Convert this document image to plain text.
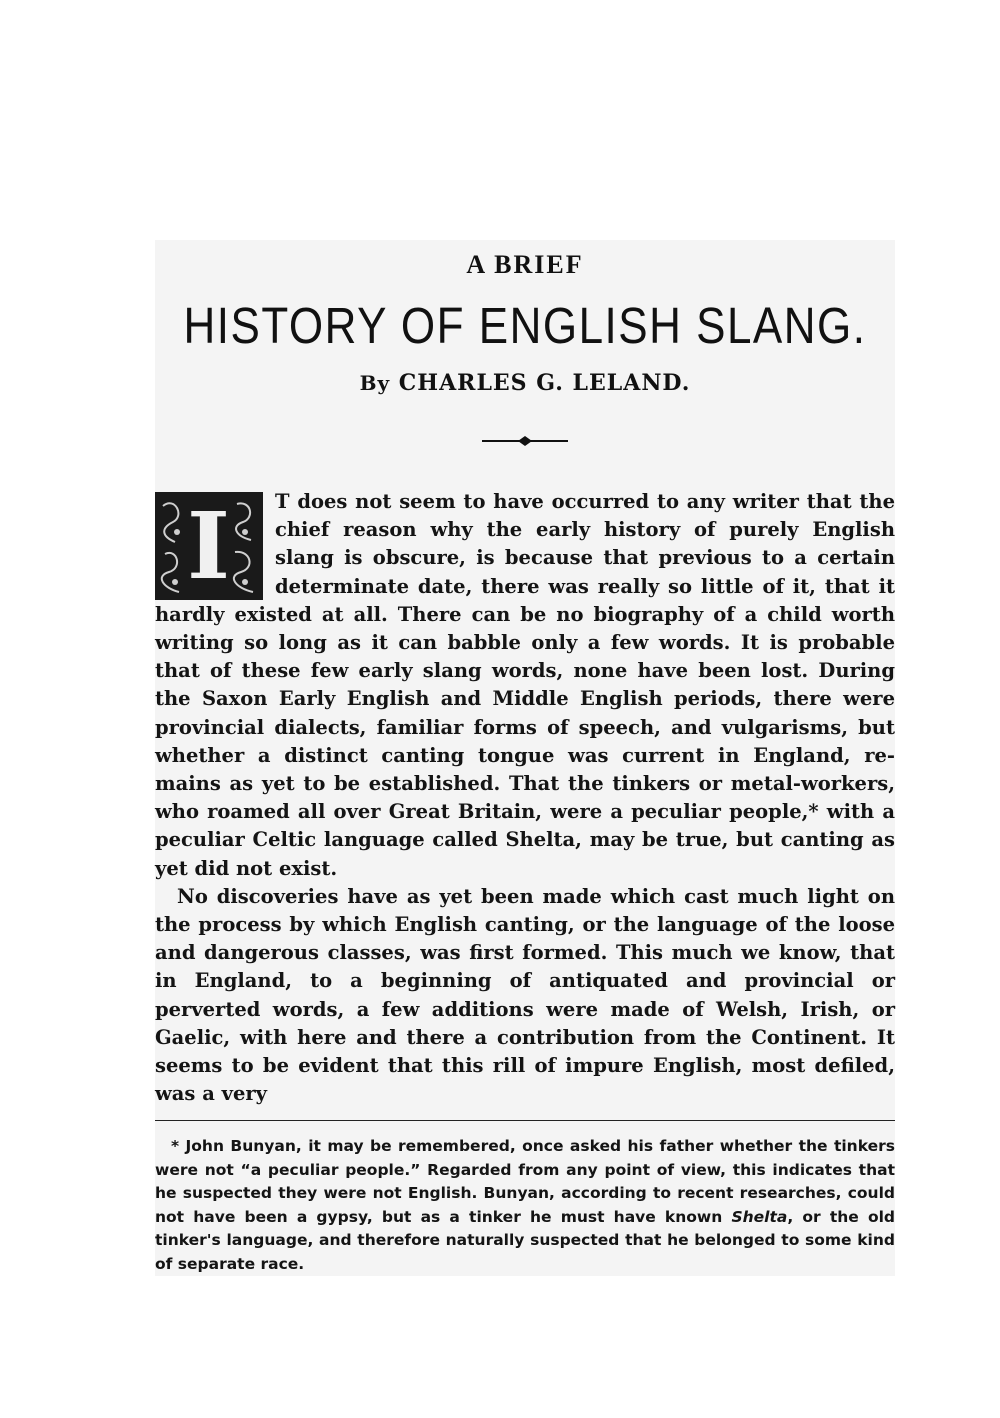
A BRIEF
HISTORY OF ENGLISH SLANG.
By CHARLES G. LELAND.
I	T does not seem to have occurred to any writer that the chief reason why the early history of purely English slang is obscure, is because that previous to a certain determinate date, there was really so little of it, that it hardly existed at all. There can be no biography of a child worth writing so long as it can babble only a few words. It is probable that of these few early slang words, none have been lost. During the Saxon Early English and Middle English periods, there were provincial dialects, familiar forms of speech, and vulgarisms, but whether a distinct canting tongue was current in England, re-mains as yet to be established. That the tinkers or metal-workers, who roamed all over Great Britain, were a peculiar people,* with a peculiar Celtic language called Shelta, may be true, but canting as yet did not exist.

No discoveries have as yet been made which cast much light on the process by which English canting, or the language of the loose and dangerous classes, was first formed. This much we know, that in England, to a beginning of antiquated and provincial or perverted words, a few additions were made of Welsh, Irish, or Gaelic, with here and there a contribution from the Continent. It seems to be evident that this rill of impure English, most defiled, was a very

* John Bunyan, it may be remembered, once asked his father whether the tinkers were not “a peculiar people.” Regarded from any point of view, this indicates that he suspected they were not English. Bunyan, according to recent researches, could not have been a gypsy, but as a tinker he must have known Shelta, or the old tinker's language, and therefore naturally suspected that he belonged to some kind of separate race.
